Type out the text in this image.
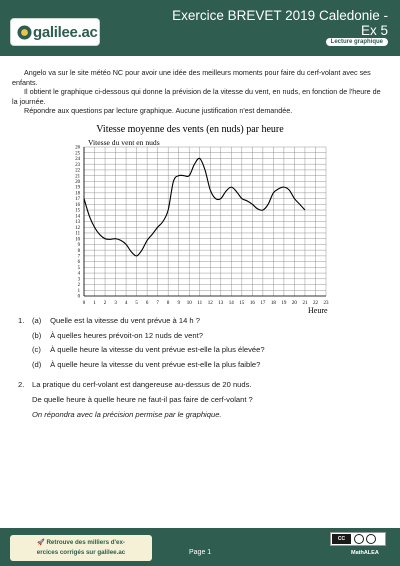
galilee.ac
Exercice BREVET 2019 Caledonie - Ex 5
Lecture graphique

Angelo va sur le site météo NC pour avoir une idée des meilleurs moments pour faire du cerf-volant avec ses enfants.

Il obtient le graphique ci-dessous qui donne la prévision de la vitesse du vent, en nuds, en fonction de l'heure de la journée.

Répondre aux questions par lecture graphique. Aucune justification n'est demandée.

Vitesse moyenne des vents (en nuds) par heure
Vitesse du vent en nuds
Heure
0
1
2
3
4
5
6
7
8
9
10
11
12
13
14
15
16
17
18
19
20
21
22
23
24
25
26
0 1 2 3 4 5 6 7 8 9 10 11 12 13 14 15 16 17 18 19 20 21 22 23
1. (a) Quelle est la vitesse du vent prévue à 14 h ?
(b) À quelles heures prévoit-on 12 nuds de vent?
(c) À quelle heure la vitesse du vent prévue est-elle la plus élevée?
(d) À quelle heure la vitesse du vent prévue est-elle la plus faible?
2. La pratique du cerf-volant est dangereuse au-dessus de 20 nuds.
De quelle heure à quelle heure ne faut-il pas faire de cerf-volant ?
On répondra avec la précision permise par le graphique.
🚀 Retrouve des milliers d'ex-
ercices corrigés sur galilee.ac	Page 1
CC
MathALEA
